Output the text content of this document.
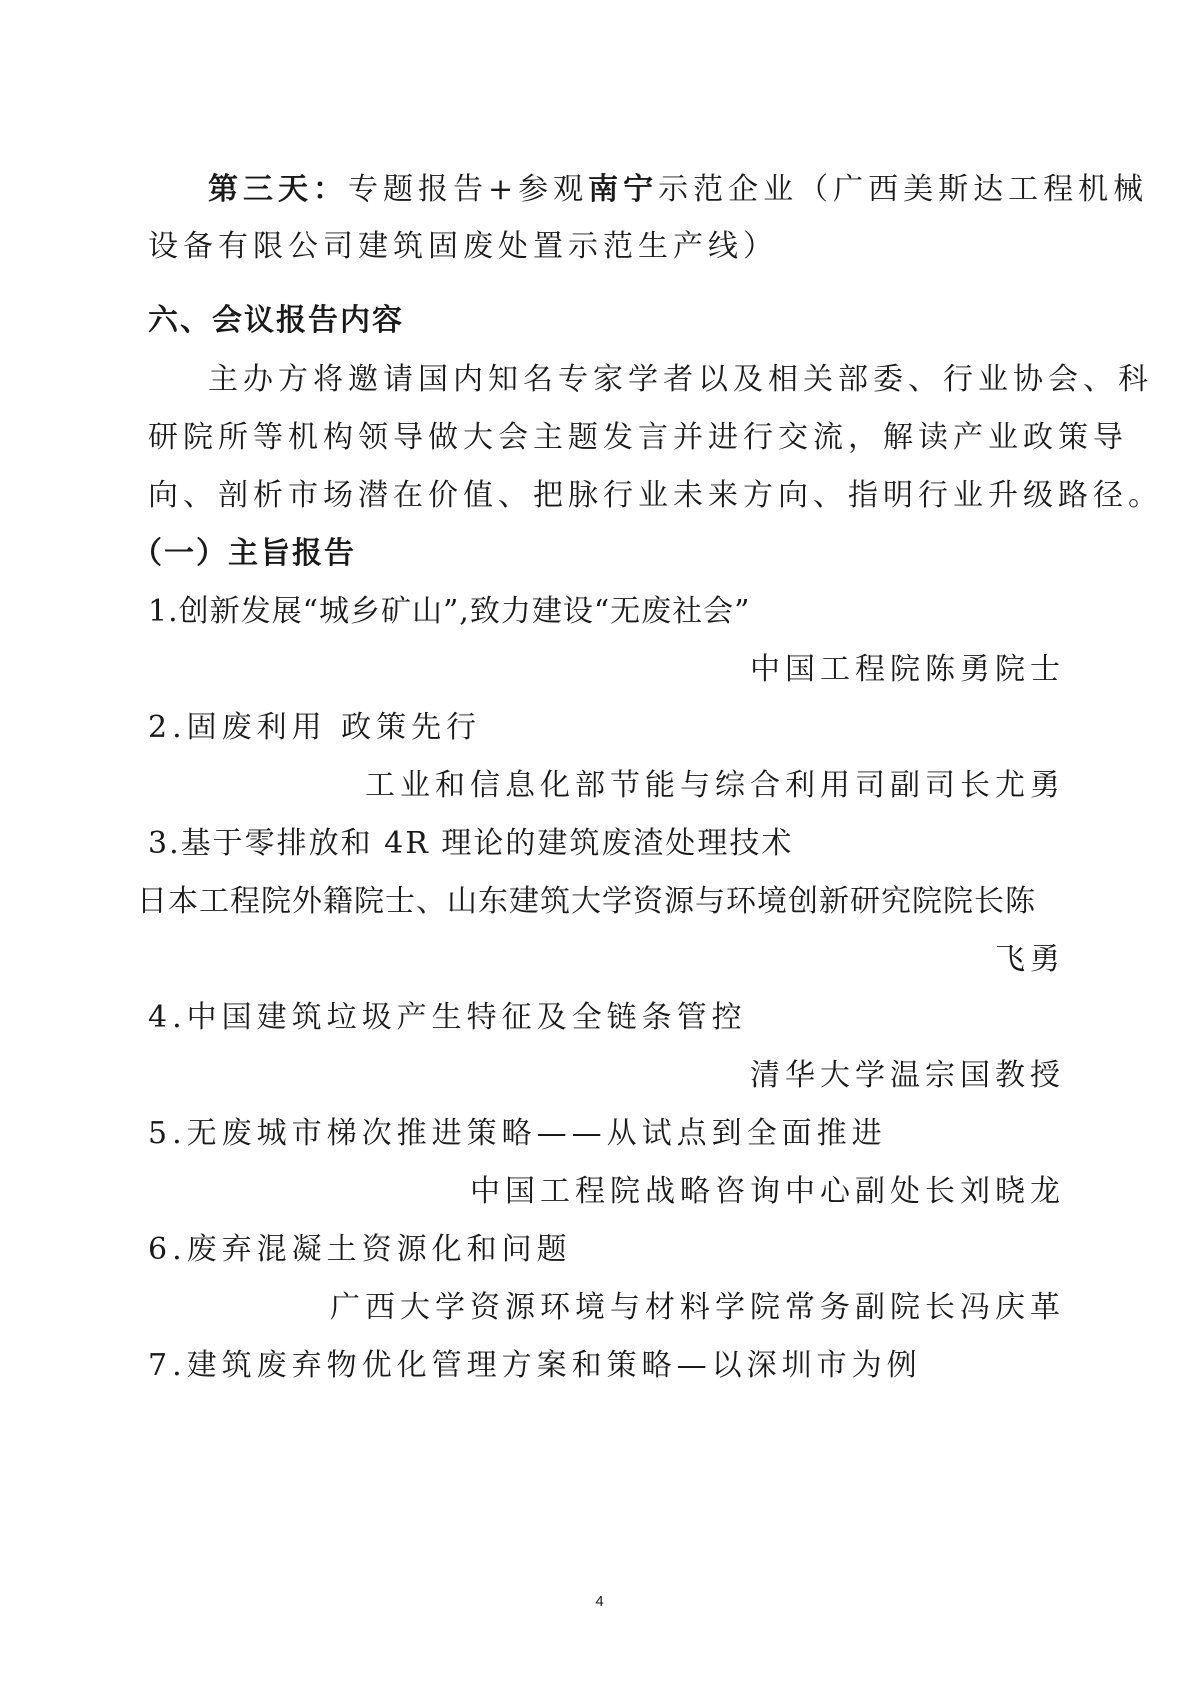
第三天：专题报告+参观南宁示范企业（广西美斯达工程机械
设备有限公司建筑固废处置示范生产线）
六、会议报告内容
主办方将邀请国内知名专家学者以及相关部委、行业协会、科
研院所等机构领导做大会主题发言并进行交流，解读产业政策导
向、剖析市场潜在价值、把脉行业未来方向、指明行业升级路径。
（一）主旨报告
1.创新发展“城乡矿山”,致力建设“无废社会”
中国工程院陈勇院士
2.固废利用 政策先行
工业和信息化部节能与综合利用司副司长尤勇
3.基于零排放和 4R 理论的建筑废渣处理技术
日本工程院外籍院士、山东建筑大学资源与环境创新研究院院长陈
飞勇
4.中国建筑垃圾产生特征及全链条管控
清华大学温宗国教授
5.无废城市梯次推进策略——从试点到全面推进
中国工程院战略咨询中心副处长刘晓龙
6.废弃混凝土资源化和问题
广西大学资源环境与材料学院常务副院长冯庆革
7.建筑废弃物优化管理方案和策略—以深圳市为例
4
